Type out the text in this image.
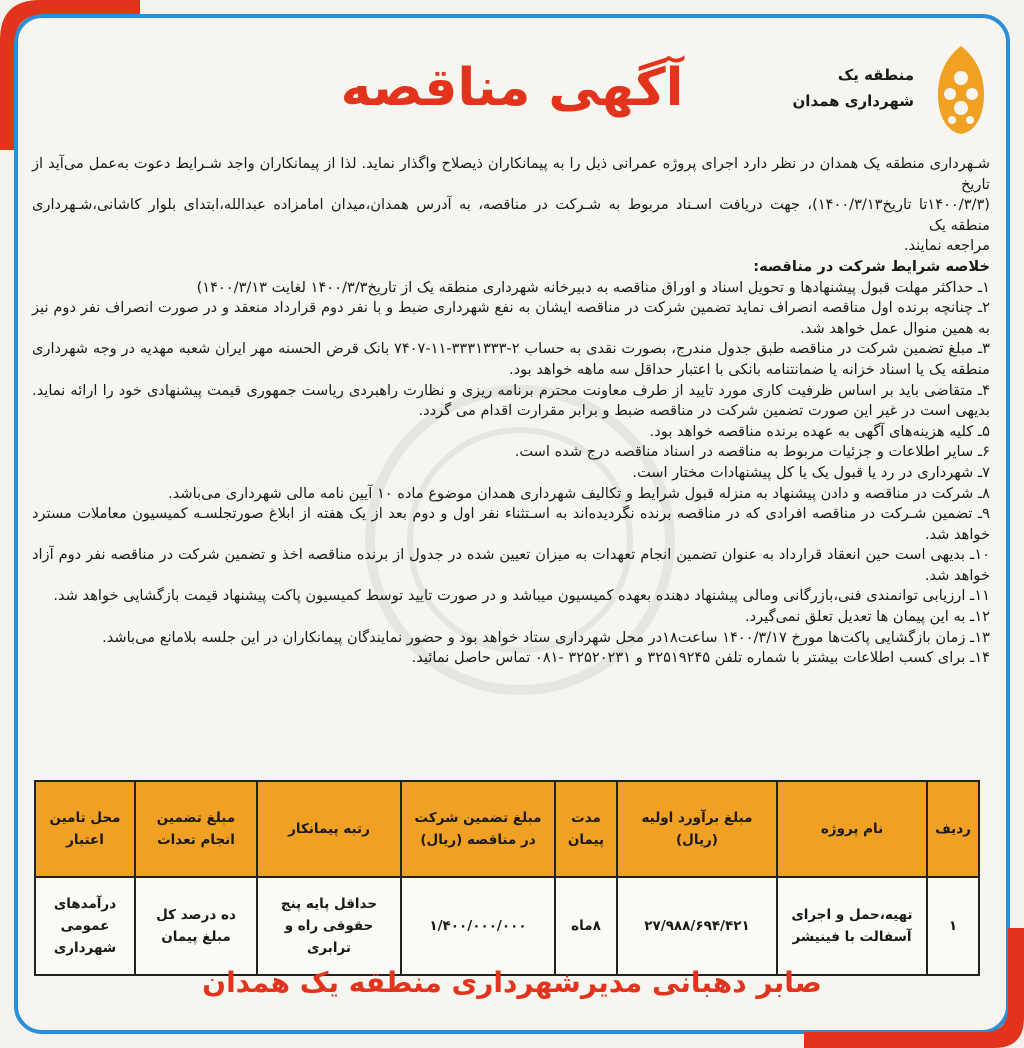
آگهی مناقصه	منطقه یک
شهرداری همدان

شـهرداری منطقه یک همدان در نظر دارد اجرای پروژه عمرانی ذیل را به پیمانکاران ذیصلاح واگذار نماید. لذا از پیمانکاران واجد شـرایط دعوت به‌عمل می‌آید از تاریخ

(۱۴۰۰/۳/۳تا تاریخ۱۴۰۰/۳/۱۳)، جهت دریافت اسـناد مربوط به شـرکت در مناقصه، به آدرس همدان،میدان امامزاده عبدالله،ابتدای بلوار کاشانی،شـهرداری منطقه یک

مراجعه نمایند.

خلاصه شرایط شرکت در مناقصه:

۱ـ حداکثر مهلت قبول پیشنهادها و تحویل اسناد و اوراق مناقصه به دبیرخانه شهرداری منطقه یک از تاریخ۱۴۰۰/۳/۳ لغایت ۱۴۰۰/۳/۱۳)

۲ـ چنانچه برنده اول مناقصه انصراف نماید تضمین شرکت در مناقصه ایشان به نفع شهرداری ضبط و با نفر دوم قرارداد منعقد و در صورت انصراف نفر دوم نیز به همین منوال عمل خواهد شد.

۳ـ مبلغ تضمین شرکت در مناقصه طبق جدول مندرج، بصورت نقدی به حساب ۲-۳۳۳۱۳۳۳-۱۱-۷۴۰۷ بانک قرض الحسنه مهر ایران شعبه مهدیه در وجه شهرداری منطقه یک یا اسناد خزانه یا ضمانتنامه بانکی با اعتبار حداقل سه ماهه خواهد بود.

۴ـ متقاضی باید بر اساس ظرفیت کاری مورد تایید از طرف معاونت محترم برنامه ریزی و نظارت راهبردی ریاست جمهوری قیمت پیشنهادی خود را ارائه نماید. بدیهی است در غیر این صورت تضمین شرکت در مناقصه ضبط و برابر مقرارت اقدام می گردد.

۵ـ کلیه هزینه‌های آگهی به عهده برنده مناقصه خواهد بود.

۶ـ سایر اطلاعات و جزئیات مربوط به مناقصه در اسناد مناقصه درج شده است.

۷ـ شهرداری در رد یا قبول یک یا کل پیشنهادات مختار است.

۸ـ شرکت در مناقصه و دادن پیشنهاد به منزله قبول شرایط و تکالیف شهرداری همدان موضوع ماده ۱۰ آیین نامه مالی شهرداری می‌باشد.

۹ـ تضمین شـرکت در مناقصه افرادی که در مناقصه برنده نگردیده‌اند به اسـتثناء نفر اول و دوم بعد از یک هفته از ابلاغ صورتجلسـه کمیسیون معاملات مسترد خواهد شد.

۱۰ـ بدیهی است حین انعقاد قرارداد به عنوان تضمین انجام تعهدات به میزان تعیین شده در جدول از برنده مناقصه اخذ و تضمین شرکت در مناقصه نفر دوم آزاد خواهد شد.

۱۱ـ ارزیابی توانمندی فنی،بازرگانی ومالی پیشنهاد دهنده بعهده کمیسیون میباشد و در صورت تایید توسط کمیسیون پاکت پیشنهاد قیمت بازگشایی خواهد شد.

۱۲ـ به این پیمان ها تعدیل تعلق نمی‌گیرد.

۱۳ـ زمان بازگشایی پاکت‌ها مورخ ۱۴۰۰/۳/۱۷ ساعت۱۸در محل شهرداری ستاد خواهد بود و حضور نمایندگان پیمانکاران در این جلسه بلامانع می‌باشد.

۱۴ـ برای کسب اطلاعات بیشتر با شماره تلفن ۳۲۵۱۹۲۴۵ و ۳۲۵۲۰۲۳۱ -۰۸۱ تماس حاصل نمائید.

ردیف	نام پروژه	مبلغ برآورد اولیه (ریال)	مدت پیمان	مبلغ تضمین شرکت در مناقصه (ریال)	رتبه پیمانکار	مبلغ تضمین انجام تعدات	محل تامین اعتبار
۱	تهیه،حمل و اجرای آسفالت با فینیشر	۲۷/۹۸۸/۶۹۴/۴۲۱	۸ماه	۱/۴۰۰/۰۰۰/۰۰۰	حداقل پایه پنج حقوقی راه و ترابری	ده درصد کل مبلغ پیمان	درآمدهای عمومی شهرداری
صابر دهبانی مدیرشهرداری منطقه یک همدان
